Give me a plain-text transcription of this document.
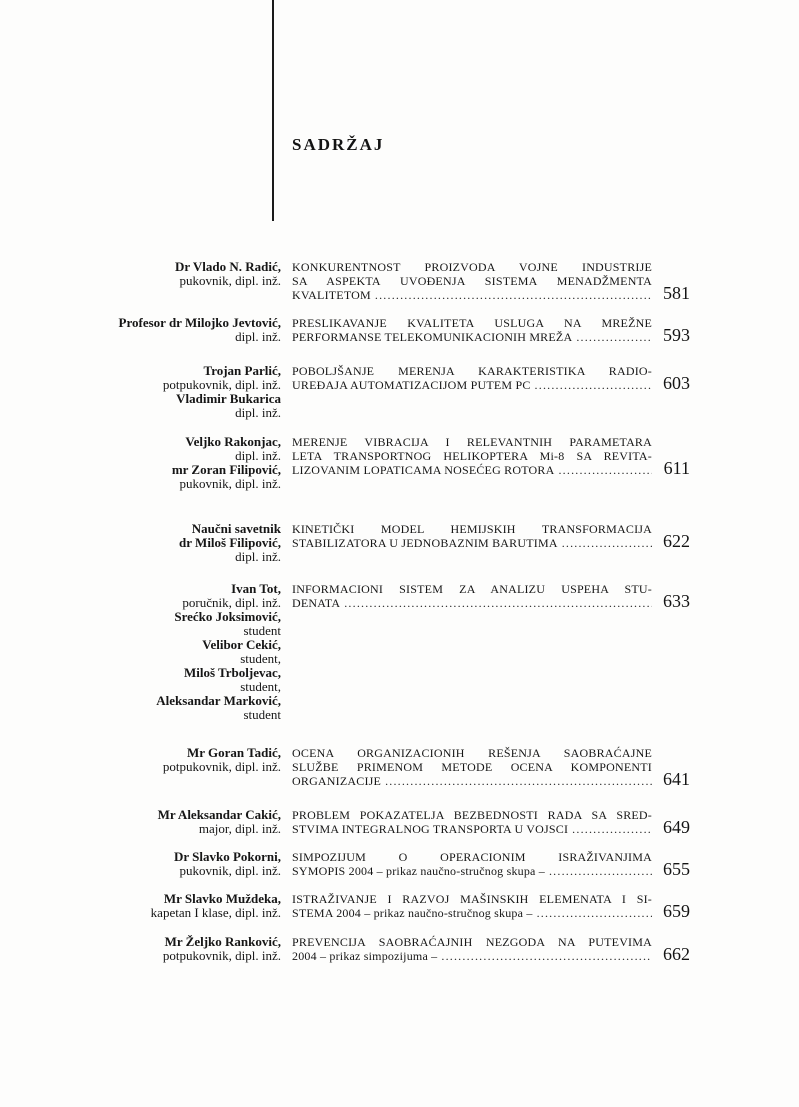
SADRŽAJ
Dr Vlado N. Radić,
pukovnik, dipl. inž.
KONKURENTNOST PROIZVODA VOJNE INDUSTRIJE
SA ASPEKTA UVOĐENJA SISTEMA MENADŽMENTA
KVALITETOM .....	581
Profesor dr Milojko Jevtović,
dipl. inž.
PRESLIKAVANJE KVALITETA USLUGA NA MREŽNE
PERFORMANSE TELEKOMUNIKACIONIH MREŽA .....	593
Trojan Parlić,
potpukovnik, dipl. inž.
Vladimir Bukarica
dipl. inž.
POBOLJŠANJE MERENJA KARAKTERISTIKA RADIO-
UREĐAJA AUTOMATIZACIJOM PUTEM PC .....	603
Veljko Rakonjac,
dipl. inž.
mr Zoran Filipović,
pukovnik, dipl. inž.
MERENJE VIBRACIJA I RELEVANTNIH PARAMETARA
LETA TRANSPORTNOG HELIKOPTERA Mi-8 SA REVITA-
LIZOVANIM LOPATICAMA NOSEĆEG ROTORA .....	611
Naučni savetnik
dr Miloš Filipović,
dipl. inž.
KINETIČKI MODEL HEMIJSKIH TRANSFORMACIJA
STABILIZATORA U JEDNOBAZNIM BARUTIMA .....	622
Ivan Tot,
poručnik, dipl. inž.
Srećko Joksimović,
student
Velibor Cekić,
student,
Miloš Trboljevac,
student,
Aleksandar Marković,
student
INFORMACIONI SISTEM ZA ANALIZU USPEHA STU-
DENATA .....	633
Mr Goran Tadić,
potpukovnik, dipl. inž.
OCENA ORGANIZACIONIH REŠENJA SAOBRAĆAJNE
SLUŽBE PRIMENOM METODE OCENA KOMPONENTI
ORGANIZACIJE .....	641
Mr Aleksandar Cakić,
major, dipl. inž.
PROBLEM POKAZATELJA BEZBEDNOSTI RADA SA SRED-
STVIMA INTEGRALNOG TRANSPORTA U VOJSCI .....	649
Dr Slavko Pokorni,
pukovnik, dipl. inž.
SIMPOZIJUM O OPERACIONIM ISRAŽIVANJIMA
SYMOPIS 2004 – prikaz naučno-stručnog skupa – .....	655
Mr Slavko Muždeka,
kapetan I klase, dipl. inž.
ISTRAŽIVANJE I RAZVOJ MAŠINSKIH ELEMENATA I SI-
STEMA 2004 – prikaz naučno-stručnog skupa – .....	659
Mr Željko Ranković,
potpukovnik, dipl. inž.
PREVENCIJA SAOBRAĆAJNIH NEZGODA NA PUTEVIMA
2004 – prikaz simpozijuma – .....	662
